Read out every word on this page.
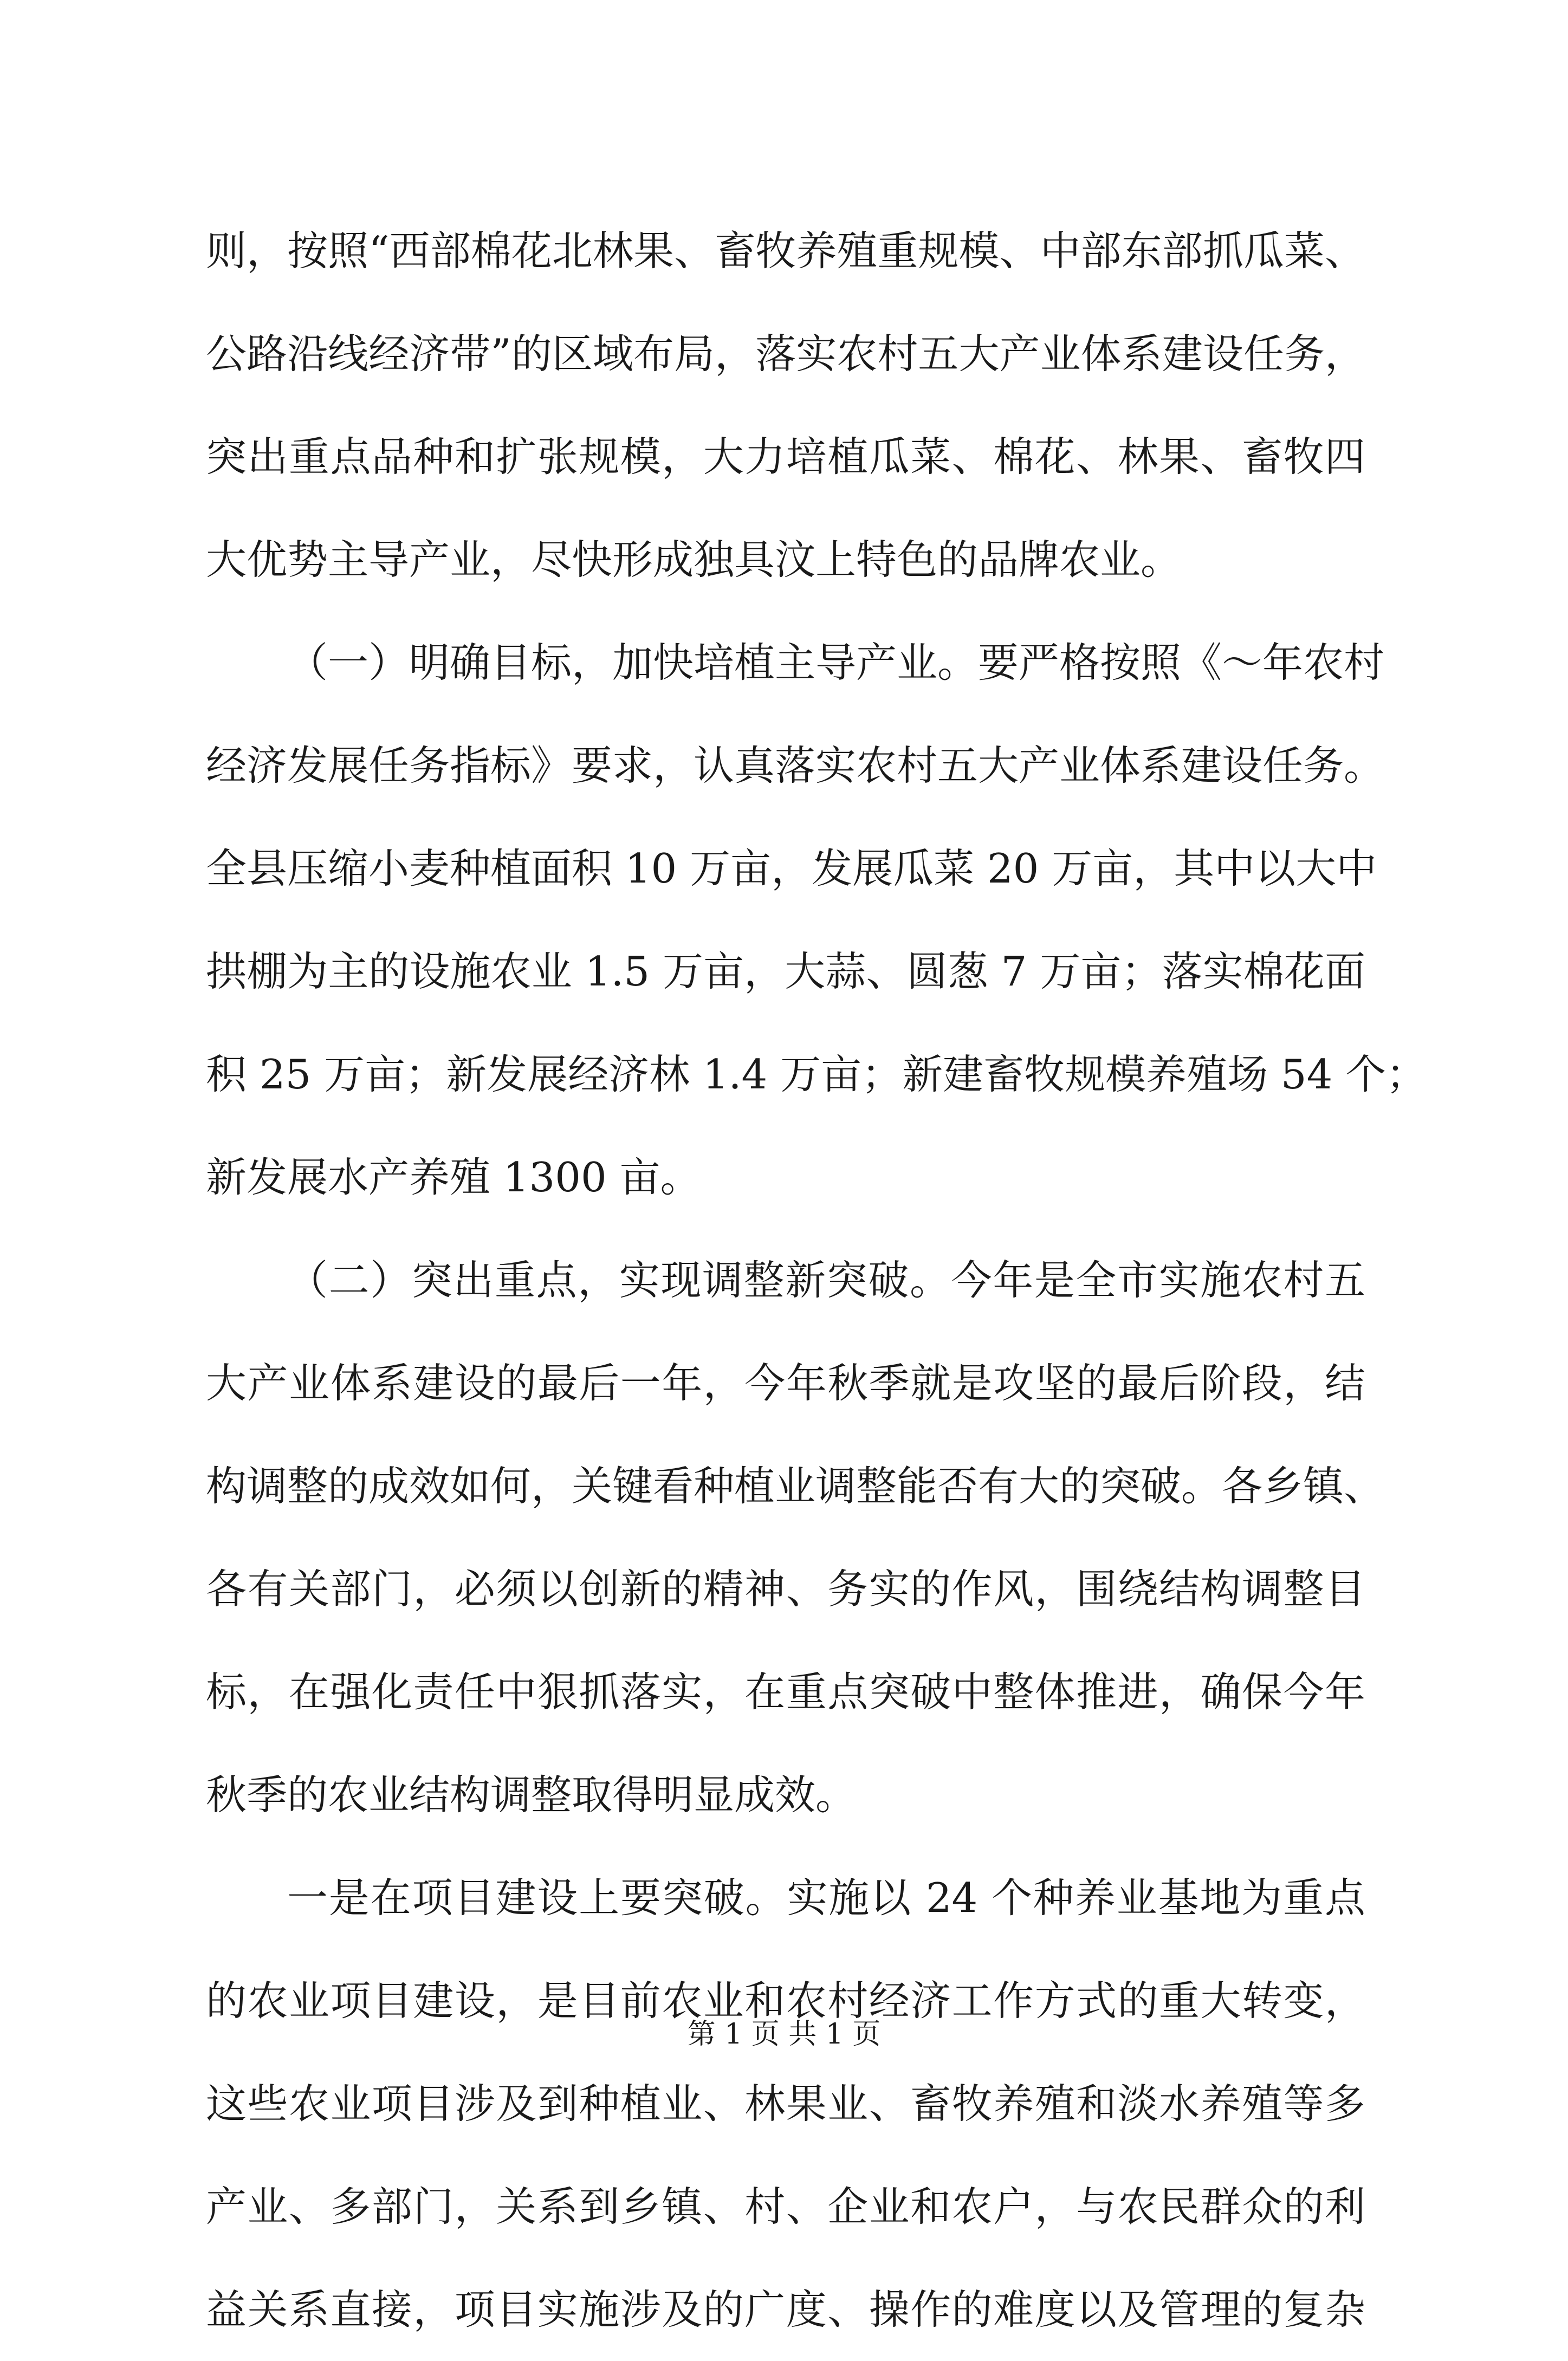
则，按照“西部棉花北林果、畜牧养殖重规模、中部东部抓瓜菜、
公路沿线经济带”的区域布局，落实农村五大产业体系建设任务，
突出重点品种和扩张规模，大力培植瓜菜、棉花、林果、畜牧四
大优势主导产业，尽快形成独具汶上特色的品牌农业。
（一）明确目标，加快培植主导产业。要严格按照《～年农村
经济发展任务指标》要求，认真落实农村五大产业体系建设任务。
全县压缩小麦种植面积 10 万亩，发展瓜菜 20 万亩，其中以大中
拱棚为主的设施农业 1.5 万亩，大蒜、圆葱 7 万亩；落实棉花面
积 25 万亩；新发展经济林 1.4 万亩；新建畜牧规模养殖场 54 个；
新发展水产养殖 1300 亩。
（二）突出重点，实现调整新突破。今年是全市实施农村五
大产业体系建设的最后一年，今年秋季就是攻坚的最后阶段，结
构调整的成效如何，关键看种植业调整能否有大的突破。各乡镇、
各有关部门，必须以创新的精神、务实的作风，围绕结构调整目
标，在强化责任中狠抓落实，在重点突破中整体推进，确保今年
秋季的农业结构调整取得明显成效。
一是在项目建设上要突破。实施以 24 个种养业基地为重点
的农业项目建设，是目前农业和农村经济工作方式的重大转变，
这些农业项目涉及到种植业、林果业、畜牧养殖和淡水养殖等多
产业、多部门，关系到乡镇、村、企业和农户，与农民群众的利
益关系直接，项目实施涉及的广度、操作的难度以及管理的复杂
第 1 页 共 1 页
